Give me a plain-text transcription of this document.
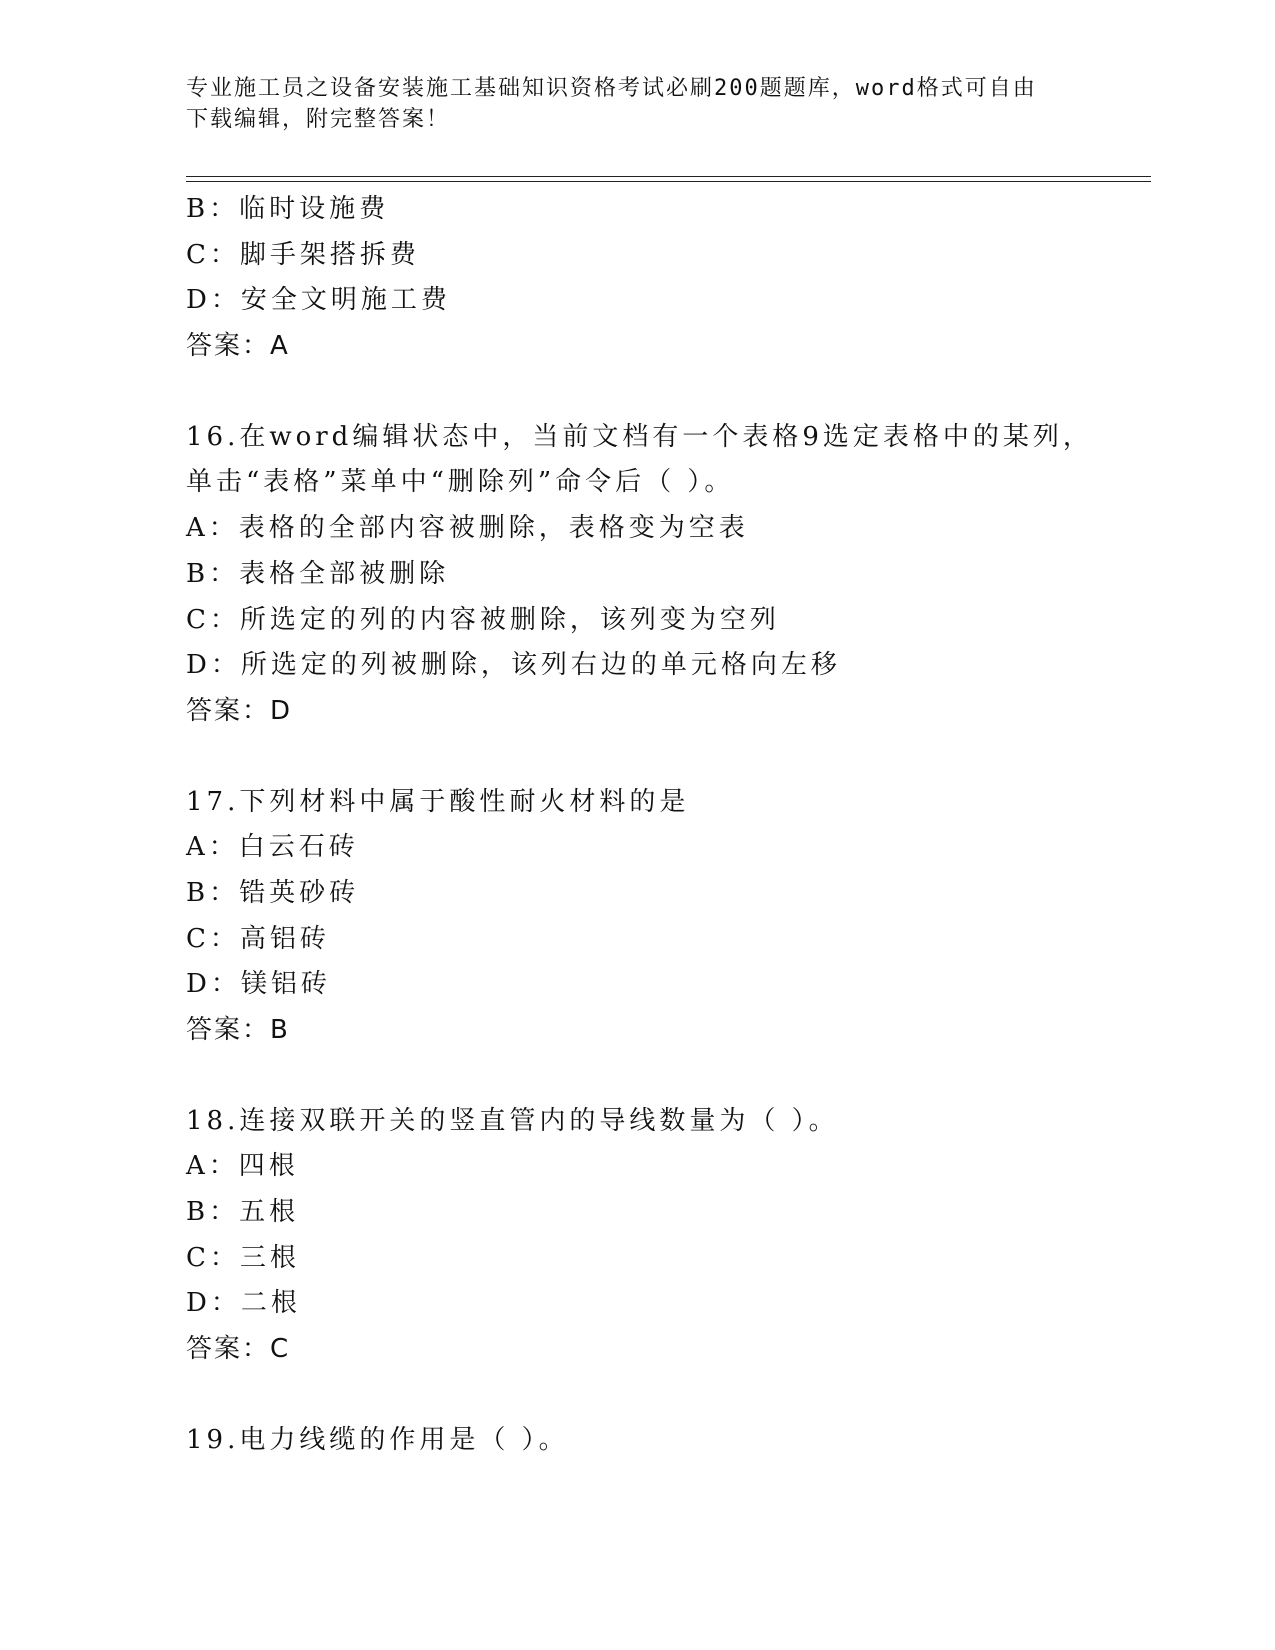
专业施工员之设备安装施工基础知识资格考试必刷200题题库，word格式可自由
下载编辑，附完整答案！
B：临时设施费
C：脚手架搭拆费
D：安全文明施工费
答案：A
16.在word编辑状态中，当前文档有一个表格9选定表格中的某列，
单击“表格”菜单中“删除列”命令后（ ）。
A：表格的全部内容被删除，表格变为空表
B：表格全部被删除
C：所选定的列的内容被删除，该列变为空列
D：所选定的列被删除，该列右边的单元格向左移
答案：D
17.下列材料中属于酸性耐火材料的是
A：白云石砖
B：锆英砂砖
C：高铝砖
D：镁铝砖
答案：B
18.连接双联开关的竖直管内的导线数量为（ ）。
A：四根
B：五根
C：三根
D：二根
答案：C
19.电力线缆的作用是（ ）。
